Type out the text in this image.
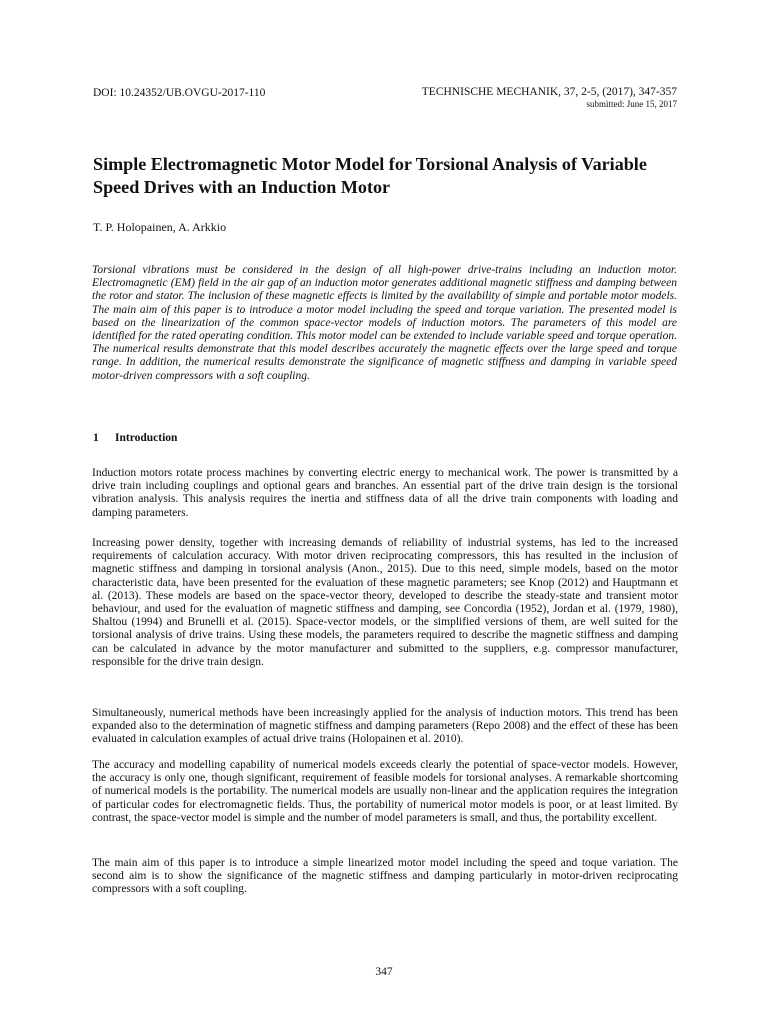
DOI: 10.24352/UB.OVGU-2017-110	TECHNISCHE MECHANIK, 37, 2-5, (2017), 347-357
submitted: June 15, 2017
Simple Electromagnetic Motor Model for Torsional Analysis of Variable Speed Drives with an Induction Motor
T. P. Holopainen, A. Arkkio

Torsional vibrations must be considered in the design of all high-power drive-trains including an induction motor. Electromagnetic (EM) field in the air gap of an induction motor generates additional magnetic stiffness and damping between the rotor and stator. The inclusion of these magnetic effects is limited by the availability of simple and portable motor models. The main aim of this paper is to introduce a motor model including the speed and torque variation. The presented model is based on the linearization of the common space-vector models of induction motors. The parameters of this model are identified for the rated operating condition. This motor model can be extended to include variable speed and torque operation. The numerical results demonstrate that this model describes accurately the magnetic effects over the large speed and torque range. In addition, the numerical results demonstrate the significance of magnetic stiffness and damping in variable speed motor-driven compressors with a soft coupling.

1 Introduction

Induction motors rotate process machines by converting electric energy to mechanical work. The power is transmitted by a drive train including couplings and optional gears and branches. An essential part of the drive train design is the torsional vibration analysis. This analysis requires the inertia and stiffness data of all the drive train components with loading and damping parameters.

Increasing power density, together with increasing demands of reliability of industrial systems, has led to the increased requirements of calculation accuracy. With motor driven reciprocating compressors, this has resulted in the inclusion of magnetic stiffness and damping in torsional analysis (Anon., 2015). Due to this need, simple models, based on the motor characteristic data, have been presented for the evaluation of these magnetic parameters; see Knop (2012) and Hauptmann et al. (2013). These models are based on the space-vector theory, developed to describe the steady-state and transient motor behaviour, and used for the evaluation of magnetic stiffness and damping, see Concordia (1952), Jordan et al. (1979, 1980), Shaltou (1994) and Brunelli et al. (2015). Space-vector models, or the simplified versions of them, are well suited for the torsional analysis of drive trains. Using these models, the parameters required to describe the magnetic stiffness and damping can be calculated in advance by the motor manufacturer and submitted to the suppliers, e.g. compressor manufacturer, responsible for the drive train design.

Simultaneously, numerical methods have been increasingly applied for the analysis of induction motors. This trend has been expanded also to the determination of magnetic stiffness and damping parameters (Repo 2008) and the effect of these has been evaluated in calculation examples of actual drive trains (Holopainen et al. 2010).

The accuracy and modelling capability of numerical models exceeds clearly the potential of space-vector models. However, the accuracy is only one, though significant, requirement of feasible models for torsional analyses. A remarkable shortcoming of numerical models is the portability. The numerical models are usually non-linear and the application requires the integration of particular codes for electromagnetic fields. Thus, the portability of numerical motor models is poor, or at least limited. By contrast, the space-vector model is simple and the number of model parameters is small, and thus, the portability excellent.

The main aim of this paper is to introduce a simple linearized motor model including the speed and toque variation. The second aim is to show the significance of the magnetic stiffness and damping particularly in motor-driven reciprocating compressors with a soft coupling.

347
